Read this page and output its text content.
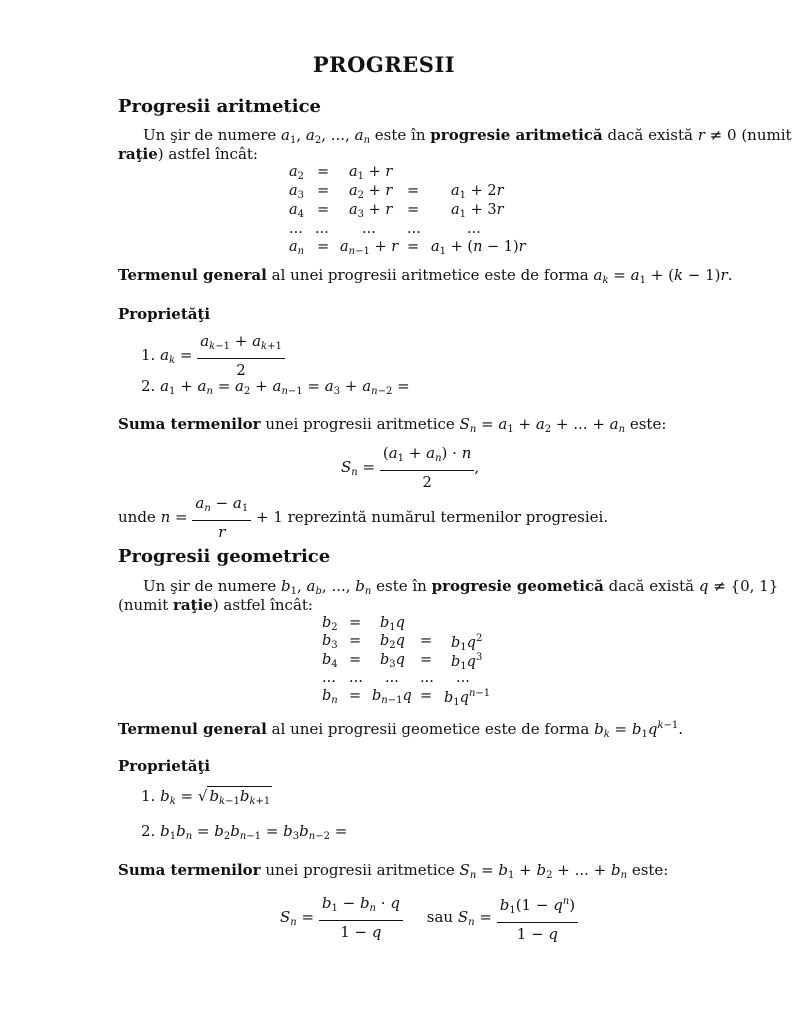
PROGRESII
Progresii aritmetice
Un şir de numere $a_1$, $a_2$, ..., $a_n$ este în progresie aritmetică dacă există r ≠ 0 (numit
raţie) astfel încât:
$a_2 = a_1 + r$
$a_3 = a_2 + r = a_1 + 2r$
$a_4 = a_3 + r = a_1 + 3r$
... ... ... ...	...
$a_n = a_{n-1} + r = a_1 + (n - 1)r$
Termenul general al unei progresii aritmetice este de forma $a_k = a_1 + (k - 1)r$.
Proprietăţi
1. $a_k = \frac{a_{k-1} + a_{k+1}}{2}$
2. $a_1 + a_n = a_2 + a_{n-1} = a_3 + a_{n-2}$ =
Suma termenilor unei progresii aritmetice $S_n = a_1 + a_2$ + ... + $a_n$ este:
$S_n = \frac{(a_1 + a_n) \cdot n}{2}$ ,
unde $n = \frac{a_n - a_1}{r} + 1$ reprezintă numărul termenilor progresiei.
Progresii geometrice
Un şir de numere $b_1$, $a_b$, ..., $b_n$ este în progresie geometică dacă există q ≠ {0, 1}
(numit raţie) astfel încât:
$b_2 = b_1q$
$b_3 = b_2q = b_1q^2$
$b_4 = b_3q = b_1q^3$
... ... ... ... ...
$b_n = b_{n-1}q = b_1q^{n-1}$
Termenul general al unei progresii geometice este de forma $b_k = b_1q^{k-1}$.
Proprietăţi
1. $b_k$ = √ $b_{k-1}b_{k+1}$
2. $b_1b_n = b_2b_{n-1} = b_3b_{n-2}$ =
Suma termenilor unei progresii aritmetice $S_n = b_1 + b_2$ + ... + $b_n$ este:
$S_n = \frac{b_1 - b_n \cdot q}{1 - q}$ sau $S_n = \frac{b_1(1 - q^n)}{1 - q}$
